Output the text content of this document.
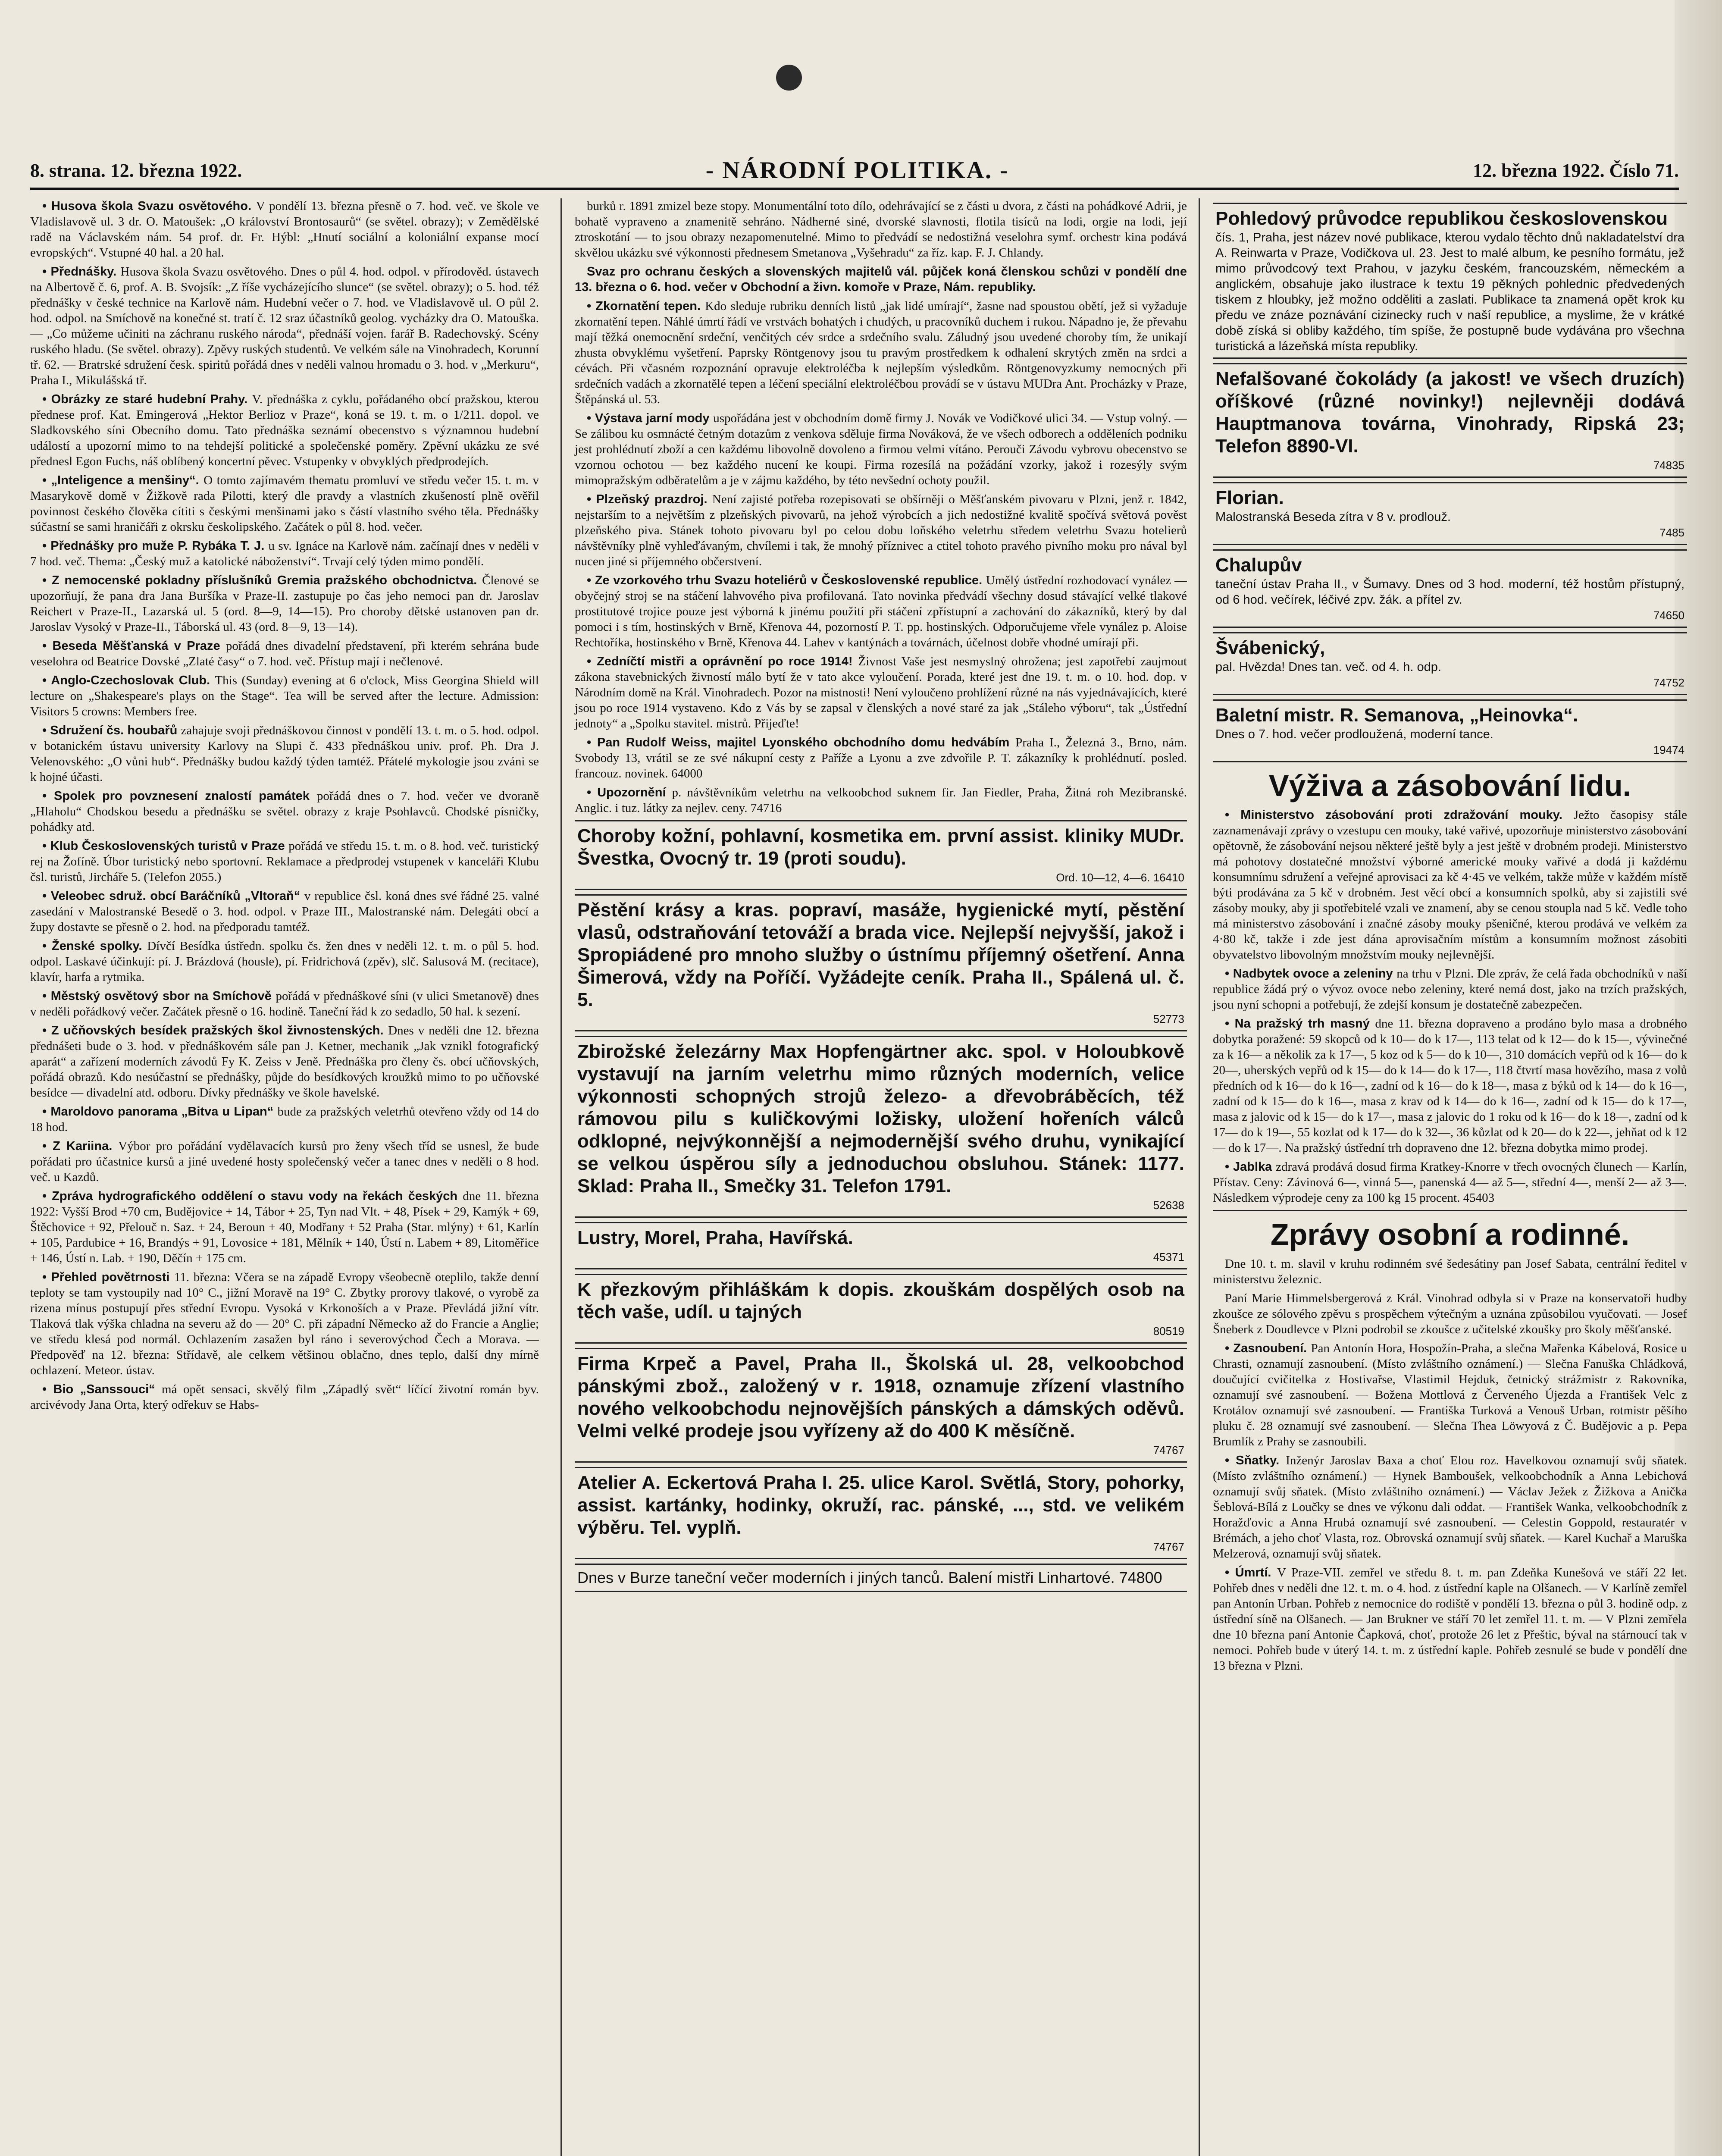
8. strana. 12. března 1922.	- NÁRODNÍ POLITIKA. -	12. března 1922. Číslo 71.

• Husova škola Svazu osvětového. V pondělí 13. března přesně o 7. hod. več. ve škole ve Vladislavově ul. 3 dr. O. Matoušek: „O království Brontosaurů“ (se světel. obrazy); v Zemědělské radě na Václavském nám. 54 prof. dr. Fr. Hýbl: „Hnutí sociální a koloniální expanse mocí evropských“. Vstupné 40 hal. a 20 hal.

• Přednášky. Husova škola Svazu osvětového. Dnes o půl 4. hod. odpol. v přírodověd. ústavech na Albertově č. 6, prof. A. B. Svojsík: „Z říše vycházejícího slunce“ (se světel. obrazy); o 5. hod. též přednášky v české technice na Karlově nám. Hudební večer o 7. hod. ve Vladislavově ul. O půl 2. hod. odpol. na Smíchově na konečné st. tratí č. 12 sraz účastníků geolog. vycházky dra O. Matouška. — „Co můžeme učiniti na záchranu ruského národa“, přednáší vojen. farář B. Radechovský. Scény ruského hladu. (Se světel. obrazy). Zpěvy ruských studentů. Ve velkém sále na Vinohradech, Korunní tř. 62. — Bratrské sdružení česk. spiritů pořádá dnes v neděli valnou hromadu o 3. hod. v „Merkuru“, Praha I., Mikulášská tř.

• Obrázky ze staré hudební Prahy. V. přednáška z cyklu, pořádaného obcí pražskou, kterou přednese prof. Kat. Emingerová „Hektor Berlioz v Praze“, koná se 19. t. m. o 1/211. dopol. ve Sladkovského síni Obecního domu. Tato přednáška seznámí obecenstvo s významnou hudební událostí a upozorní mimo to na tehdejší politické a společenské poměry. Zpěvní ukázku ze své přednesl Egon Fuchs, náš oblíbený koncertní pěvec. Vstupenky v obvyklých předprodejích.

• „Inteligence a menšiny“. O tomto zajímavém thematu promluví ve středu večer 15. t. m. v Masarykově domě v Žižkově rada Pilotti, který dle pravdy a vlastních zkušeností plně ověřil povinnost českého člověka cítiti s českými menšinami jako s částí vlastního svého těla. Přednášky súčastní se sami hraničáři z okrsku českolipského. Začátek o půl 8. hod. večer.

• Přednášky pro muže P. Rybáka T. J. u sv. Ignáce na Karlově nám. začínají dnes v neděli v 7 hod. več. Thema: „Český muž a katolické náboženství“. Trvají celý týden mimo pondělí.

• Z nemocenské pokladny příslušníků Gremia pražského obchodnictva. Členové se upozorňují, že pana dra Jana Buršíka v Praze-II. zastupuje po čas jeho nemoci pan dr. Jaroslav Reichert v Praze-II., Lazarská ul. 5 (ord. 8—9, 14—15). Pro choroby dětské ustanoven pan dr. Jaroslav Vysoký v Praze-II., Táborská ul. 43 (ord. 8—9, 13—14).

• Beseda Měšťanská v Praze pořádá dnes divadelní představení, při kterém sehrána bude veselohra od Beatrice Dovské „Zlaté časy“ o 7. hod. več. Přístup mají i nečlenové.

• Anglo-Czechoslovak Club. This (Sunday) evening at 6 o'clock, Miss Georgina Shield will lecture on „Shakespeare's plays on the Stage“. Tea will be served after the lecture. Admission: Visitors 5 crowns: Members free.

• Sdružení čs. houbařů zahajuje svoji přednáškovou činnost v pondělí 13. t. m. o 5. hod. odpol. v botanickém ústavu university Karlovy na Slupi č. 433 přednáškou univ. prof. Ph. Dra J. Velenovského: „O vůni hub“. Přednášky budou každý týden tamtéž. Přátelé mykologie jsou zváni se k hojné účasti.

• Spolek pro povznesení znalostí památek pořádá dnes o 7. hod. večer ve dvoraně „Hlaholu“ Chodskou besedu a přednášku se světel. obrazy z kraje Psohlavců. Chodské písničky, pohádky atd.

• Klub Československých turistů v Praze pořádá ve středu 15. t. m. o 8. hod. več. turistický rej na Žofíně. Úbor turistický nebo sportovní. Reklamace a předprodej vstupenek v kanceláři Klubu čsl. turistů, Jircháře 5. (Telefon 2055.)

• Veleobec sdruž. obcí Baráčníků „Vltoraň“ v republice čsl. koná dnes své řádné 25. valné zasedání v Malostranské Besedě o 3. hod. odpol. v Praze III., Malostranské nám. Delegáti obcí a župy dostavte se přesně o 2. hod. na předporadu tamtéž.

• Ženské spolky. Dívčí Besídka ústředn. spolku čs. žen dnes v neděli 12. t. m. o půl 5. hod. odpol. Laskavé účinkují: pí. J. Brázdová (housle), pí. Fridrichová (zpěv), slč. Salusová M. (recitace), klavír, harfa a rytmika.

• Městský osvětový sbor na Smíchově pořádá v přednáškové síni (v ulici Smetanově) dnes v neděli pořádkový večer. Začátek přesně o 16. hodině. Taneční řád k zo sedadlo, 50 hal. k sezení.

• Z učňovských besídek pražských škol živnostenských. Dnes v neděli dne 12. března přednášeti bude o 3. hod. v přednáškovém sále pan J. Ketner, mechanik „Jak vznikl fotografický aparát“ a zařízení moderních závodů Fy K. Zeiss v Jeně. Přednáška pro členy čs. obcí učňovských, pořádá obrazů. Kdo nesúčastní se přednášky, půjde do besídkových kroužků mimo to po učňovské besídce — divadelní atd. odboru. Dívky přednášky ve škole havelské.

• Maroldovo panorama „Bitva u Lipan“ bude za pražských veletrhů otevřeno vždy od 14 do 18 hod.

• Z Kariina. Výbor pro pořádání vydělavacích kursů pro ženy všech tříd se usnesl, že bude pořádati pro účastnice kursů a jiné uvedené hosty společenský večer a tanec dnes v neděli o 8 hod. več. u Kazdů.

• Zpráva hydrografického oddělení o stavu vody na řekách českých dne 11. března 1922: Vyšší Brod +70 cm, Budějovice + 14, Tábor + 25, Tyn nad Vlt. + 48, Písek + 29, Kamýk + 69, Štěchovice + 92, Přelouč n. Saz. + 24, Beroun + 40, Modřany + 52 Praha (Star. mlýny) + 61, Karlín + 105, Pardubice + 16, Brandýs + 91, Lovosice + 181, Mělník + 140, Ústí n. Labem + 89, Litoměřice + 146, Ústí n. Lab. + 190, Děčín + 175 cm.

• Přehled povětrnosti 11. března: Včera se na západě Evropy všeobecně oteplilo, takže denní teploty se tam vystoupily nad 10° C., jižní Moravě na 19° C. Zbytky prorovy tlakové, o vyrobě za rizena mínus postupují přes střední Evropu. Vysoká v Krkonoších a v Praze. Převládá jižní vítr. Tlaková tlak výška chladna na severu až do — 20° C. při západní Německo až do Francie a Anglie; ve středu klesá pod normál. Ochlazením zasažen byl ráno i severovýchod Čech a Morava. — Předpověď na 12. března: Střídavě, ale celkem většinou oblačno, dnes teplo, další dny mírně ochlazení. Meteor. ústav.

• Bio „Sanssouci“ má opět sensaci, skvělý film „Západlý svět“ líčící životní román byv. arcivévody Jana Orta, který odřekuv se Habs-

burků r. 1891 zmizel beze stopy. Monumentální toto dílo, odehrávající se z části u dvora, z části na pohádkové Adrii, je bohatě vypraveno a znamenitě sehráno. Nádherné siné, dvorské slavnosti, flotila tisíců na lodi, orgie na lodi, její ztroskotání — to jsou obrazy nezapomenutelné. Mimo to předvádí se nedostižná veselohra symf. orchestr kina podává skvělou ukázku své výkonnosti přednesem Smetanova „Vyšehradu“ za říz. kap. F. J. Chlandy.

Svaz pro ochranu českých a slovenských majitelů vál. půjček koná členskou schůzi v pondělí dne 13. března o 6. hod. večer v Obchodní a živn. komoře v Praze, Nám. republiky.

• Zkornatění tepen. Kdo sleduje rubriku denních listů „jak lidé umírají“, žasne nad spoustou obětí, jež si vyžaduje zkornatění tepen. Náhlé úmrtí řádí ve vrstvách bohatých i chudých, u pracovníků duchem i rukou. Nápadno je, že převahu mají těžká onemocnění srdeční, venčitých cév srdce a srdečního svalu. Záludný jsou uvedené choroby tím, že unikají zhusta obvyklému vyšetření. Paprsky Röntgenovy jsou tu pravým prostředkem k odhalení skrytých změn na srdci a cévách. Při včasném rozpoznání opravuje elektroléčba k nejlepším výsledkům. Röntgenovyzkumy nemocných při srdečních vadách a zkornatělé tepen a léčení speciální elektroléčbou provádí se v ústavu MUDra Ant. Procházky v Praze, Štěpánská ul. 53.

• Výstava jarní mody uspořádána jest v obchodním domě firmy J. Novák ve Vodičkové ulici 34. — Vstup volný. — Se zálibou ku osmnácté četným dotazům z venkova sděluje firma Nováková, že ve všech odborech a odděleních podniku jest prohlédnutí zboží a cen každému libovolně dovoleno a firmou velmi vítáno. Perouči Závodu vybrovu obecenstvo se vzornou ochotou — bez každého nucení ke koupi. Firma rozesílá na požádání vzorky, jakož i rozesýly svým mimopražským odběratelům a je v zájmu každého, by této nevšední ochoty použil.

• Plzeňský prazdroj. Není zajisté potřeba rozepisovati se obšírněji o Měšťanském pivovaru v Plzni, jenž r. 1842, nejstarším to a největším z plzeňských pivovarů, na jehož výrobcích a jich nedostižné kvalitě spočívá světová pověst plzeňského piva. Stánek tohoto pivovaru byl po celou dobu loňského veletrhu středem veletrhu Svazu hotelierů návštěvníky plně vyhleďávaným, chvílemi i tak, že mnohý příznivec a ctitel tohoto pravého pivního moku pro nával byl nucen jiné si příjemného občerstvení.

• Ze vzorkového trhu Svazu hoteliérů v Československé republice. Umělý ústřední rozhodovací vynález — obyčejný stroj se na stáčení lahvového piva profilovaná. Tato novinka předvádí všechny dosud stávající velké tlakové prostitutové trojice pouze jest výborná k jinému použití při stáčení zpřístupní a zachování do zákazníků, který by dal pomoci i s tím, hostinských v Brně, Křenova 44, pozorností P. T. pp. hostinských. Odporučujeme vřele vynález p. Aloise Rechtoříka, hostinského v Brně, Křenova 44. Lahev v kantýnách a továrnách, účelnost dobře vhodné umírají při.

• Zedníčtí mistři a oprávnění po roce 1914! Živnost Vaše jest nesmyslný ohrožena; jest zapotřebí zaujmout zákona stavebnických živností málo bytí že v tato akce vyloučení. Porada, které jest dne 19. t. m. o 10. hod. dop. v Národním domě na Král. Vinohradech. Pozor na mistnosti! Není vyloučeno prohlížení různé na nás vyjednávajících, které jsou po roce 1914 vystaveno. Kdo z Vás by se zapsal v členských a nové staré za jak „Stáleho výboru“, tak „Ústřední jednoty“ a „Spolku stavitel. mistrů. Přijeďte!

• Pan Rudolf Weiss, majitel Lyonského obchodního domu hedvábím Praha I., Železná 3., Brno, nám. Svobody 13, vrátil se ze své nákupní cesty z Paříže a Lyonu a zve zdvořile P. T. zákazníky k prohlédnutí. posled. francouz. novinek. 64000

• Upozornění p. návštěvníkům veletrhu na velkoobchod suknem fir. Jan Fiedler, Praha, Žitná roh Mezibranské. Anglic. i tuz. látky za nejlev. ceny. 74716

Choroby kožní, pohlavní, kosmetika em. první assist. kliniky MUDr. Švestka, Ovocný tr. 19 (proti soudu).
Ord. 10—12, 4—6. 16410
Pěstění krásy a kras. popraví, masáže, hygienické mytí, pěstění vlasů, odstraňování tetováží a brada vice. Nejlepší nejvyšší, jakož i Spropiádené pro mnoho služby o ústnímu příjemný ošetření. Anna Šimerová, vždy na Poříčí. Vyžádejte ceník. Praha II., Spálená ul. č. 5.
52773
Zbirožské železárny Max Hopfengärtner akc. spol. v Holoubkově vystavují na jarním veletrhu mimo různých moderních, velice výkonnosti schopných strojů železo- a dřevobráběcích, též rámovou pilu s kuličkovými ložisky, uložení hořeních válců odklopné, nejvýkonnější a nejmodernější svého druhu, vynikající se velkou úspěrou síly a jednoduchou obsluhou. Stánek: 1177. Sklad: Praha II., Smečky 31. Telefon 1791.
52638
Lustry, Morel, Praha, Havířská.
45371
K přezkovým přihláškám k dopis. zkouškám dospělých osob na těch vaše, udíl. u tajných
80519
Firma Krpeč a Pavel, Praha II., Školská ul. 28, velkoobchod pánskými zbož., založený v r. 1918, oznamuje zřízení vlastního nového velkoobchodu nejnovějších pánských a dámských oděvů. Velmi velké prodeje jsou vyřízeny až do 400 K měsíčně.
74767
Atelier A. Eckertová Praha I. 25. ulice Karol. Světlá, Story, pohorky, assist. kartánky, hodinky, okruží, rac. pánské, ..., std. ve velikém výběru. Tel. vyplň.
74767
Dnes v Burze taneční večer moderních i jiných tanců. Balení mistři Linhartové. 74800
Pohledový průvodce republikou československou
čís. 1, Praha, jest název nové publikace, kterou vydalo těchto dnů nakladatelství dra A. Reinwarta v Praze, Vodičkova ul. 23. Jest to malé album, ke pesního formátu, jež mimo průvodcový text Prahou, v jazyku českém, francouzském, německém a anglickém, obsahuje jako ilustrace k textu 19 pěkných pohlednic předvedených tiskem z hloubky, jež možno odděliti a zaslati. Publikace ta znamená opět krok ku předu ve znáze poznávání cizinecky ruch v naší republice, a myslime, že v krátké době získá si obliby každého, tím spíše, že postupně bude vydávána pro všechna turistická a lázeňská místa republiky.
Nefalšované čokolády (a jakost! ve všech druzích) oříškové (různé novinky!) nejlevněji dodává Hauptmanova továrna, Vinohrady, Ripská 23; Telefon 8890-VI.
74835
Florian.
Malostranská Beseda zítra v 8 v. prodlouž.
7485
Chalupův
taneční ústav Praha II., v Šumavy. Dnes od 3 hod. moderní, též hostům přístupný, od 6 hod. večírek, léčivé zpv. žák. a přítel zv.
74650
Švábenický,
pal. Hvězda! Dnes tan. več. od 4. h. odp.
74752
Baletní mistr. R. Semanova, „Heinovka“.
Dnes o 7. hod. večer prodloužená, moderní tance.
19474
Výživa a zásobování lidu.

• Ministerstvo zásobování proti zdražování mouky. Ježto časopisy stále zaznamenávají zprávy o vzestupu cen mouky, také vařivé, upozorňuje ministerstvo zásobování opětovně, že zásobování nejsou některé ještě byly a jest ještě v drobném prodeji. Ministerstvo má pohotovy dostatečné množství výborné americké mouky vařivé a dodá ji každému konsumnímu sdružení a veřejné aprovisaci za kč 4·45 ve velkém, takže může v každém místě býti prodávána za 5 kč v drobném. Jest věcí obcí a konsumních spolků, aby si zajistili své zásoby mouky, aby ji spotřebitelé vzali ve znamení, aby se cenou stoupla nad 5 kč. Vedle toho má ministerstvo zásobování i značné zásoby mouky pšeničné, kterou prodává ve velkém za 4·80 kč, takže i zde jest dána aprovisačním místům a konsumním možnost zásobiti obyvatelstvo libovolným množstvím mouky nejlevnější.

• Nadbytek ovoce a zeleniny na trhu v Plzni. Dle zpráv, že celá řada obchodníků v naší republice žádá prý o vývoz ovoce nebo zeleniny, které nemá dost, jako na trzích pražských, jsou nyní schopni a potřebují, že zdejší konsum je dostatečně zabezpečen.

• Na pražský trh masný dne 11. března dopraveno a prodáno bylo masa a drobného dobytka poražené: 59 skopců od k 10— do k 17—, 113 telat od k 12— do k 15—, vývinečné za k 16— a několik za k 17—, 5 koz od k 5— do k 10—, 310 domácích vepřů od k 16— do k 20—, uherských vepřů od k 15— do k 14— do k 17—, 118 čtvrtí masa hovězího, masa z volů předních od k 16— do k 16—, zadní od k 16— do k 18—, masa z býků od k 14— do k 16—, zadní od k 15— do k 16—, masa z krav od k 14— do k 16—, zadní od k 15— do k 17—, masa z jalovic od k 15— do k 17—, masa z jalovic do 1 roku od k 16— do k 18—, zadní od k 17— do k 19—, 55 kozlat od k 17— do k 32—, 36 kůzlat od k 20— do k 22—, jehňat od k 12— do k 17—. Na pražský ústřední trh dopraveno dne 12. března dobytka mimo prodej.

• Jablka zdravá prodává dosud firma Kratkey-Knorre v třech ovocných člunech — Karlín, Přístav. Ceny: Závinová 6—, vinná 5—, panenská 4— až 5—, střední 4—, menší 2— až 3—. Následkem výprodeje ceny za 100 kg 15 procent. 45403

Zprávy osobní a rodinné.

Dne 10. t. m. slavil v kruhu rodinném své šedesátiny pan Josef Sabata, centrální ředitel v ministerstvu železnic.

Paní Marie Himmelsbergerová z Král. Vinohrad odbyla si v Praze na konservatoři hudby zkoušce ze sólového zpěvu s prospěchem výtečným a uznána způsobilou vyučovati. — Josef Šneberk z Doudlevce v Plzni podrobil se zkoušce z učitelské zkoušky pro školy měšťanské.

• Zasnoubení. Pan Antonín Hora, Hospožín-Praha, a slečna Mařenka Kábelová, Rosice u Chrasti, oznamují zasnoubení. (Místo zvláštního oznámení.) — Slečna Fanuška Chládková, doučující cvičitelka z Hostivařse, Vlastimil Hejduk, četnický strážmistr z Rakovníka, oznamují své zasnoubení. — Božena Mottlová z Červeného Újezda a František Velc z Krotálov oznamují své zasnoubení. — Františka Turková a Venouš Urban, rotmistr pěšího pluku č. 28 oznamují své zasnoubení. — Slečna Thea Löwyová z Č. Budějovic a p. Pepa Brumlík z Prahy se zasnoubili.

• Sňatky. Inženýr Jaroslav Baxa a choť Elou roz. Havelkovou oznamují svůj sňatek. (Místo zvláštního oznámení.) — Hynek Bamboušek, velkoobchodník a Anna Lebichová oznamují svůj sňatek. (Místo zvláštního oznámení.) — Václav Ježek z Žižkova a Anička Šeblová-Bílá z Loučky se dnes ve výkonu dali oddat. — František Wanka, velkoobchodník z Horažďovic a Anna Hrubá oznamují své zasnoubení. — Celestin Goppold, restauratér v Brémách, a jeho choť Vlasta, roz. Obrovská oznamují svůj sňatek. — Karel Kuchař a Maruška Melzerová, oznamují svůj sňatek.

• Úmrtí. V Praze-VII. zemřel ve středu 8. t. m. pan Zdeňka Kunešová ve stáří 22 let. Pohřeb dnes v neděli dne 12. t. m. o 4. hod. z ústřední kaple na Olšanech. — V Karlíně zemřel pan Antonín Urban. Pohřeb z nemocnice do rodiště v pondělí 13. března o půl 3. hodině odp. z ústřední síně na Olšanech. — Jan Brukner ve stáří 70 let zemřel 11. t. m. — V Plzni zemřela dne 10 března paní Antonie Čapková, choť, protože 26 let z Přeštic, býval na stárnoucí tak v nemoci. Pohřeb bude v úterý 14. t. m. z ústřední kaple. Pohřeb zesnulé se bude v pondělí dne 13 března v Plzni.
